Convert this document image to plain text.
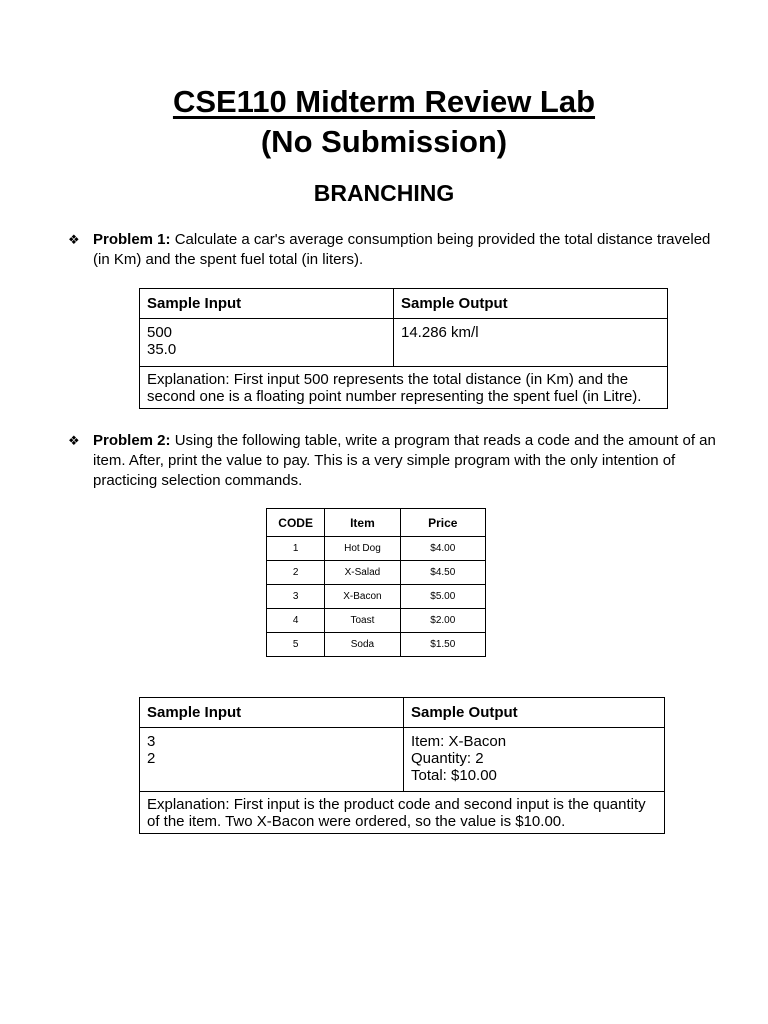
CSE110 Midterm Review Lab
(No Submission)
BRANCHING
❖ Problem 1: Calculate a car's average consumption being provided the total distance traveled (in Km) and the spent fuel total (in liters).
Sample Input	Sample Output
500
35.0	14.286 km/l
Explanation: First input 500 represents the total distance (in Km) and the second one is a floating point number representing the spent fuel (in Litre).	
❖ Problem 2: Using the following table, write a program that reads a code and the amount of an item. After, print the value to pay. This is a very simple program with the only intention of practicing selection commands.
CODE	Item	Price
1	Hot Dog	$4.00
2	X-Salad	$4.50
3	X-Bacon	$5.00
4	Toast	$2.00
5	Soda	$1.50
Sample Input	Sample Output
3
2	Item: X-Bacon
Quantity: 2
Total: $10.00
Explanation: First input is the product code and second input is the quantity of the item. Two X-Bacon were ordered, so the value is $10.00.	
